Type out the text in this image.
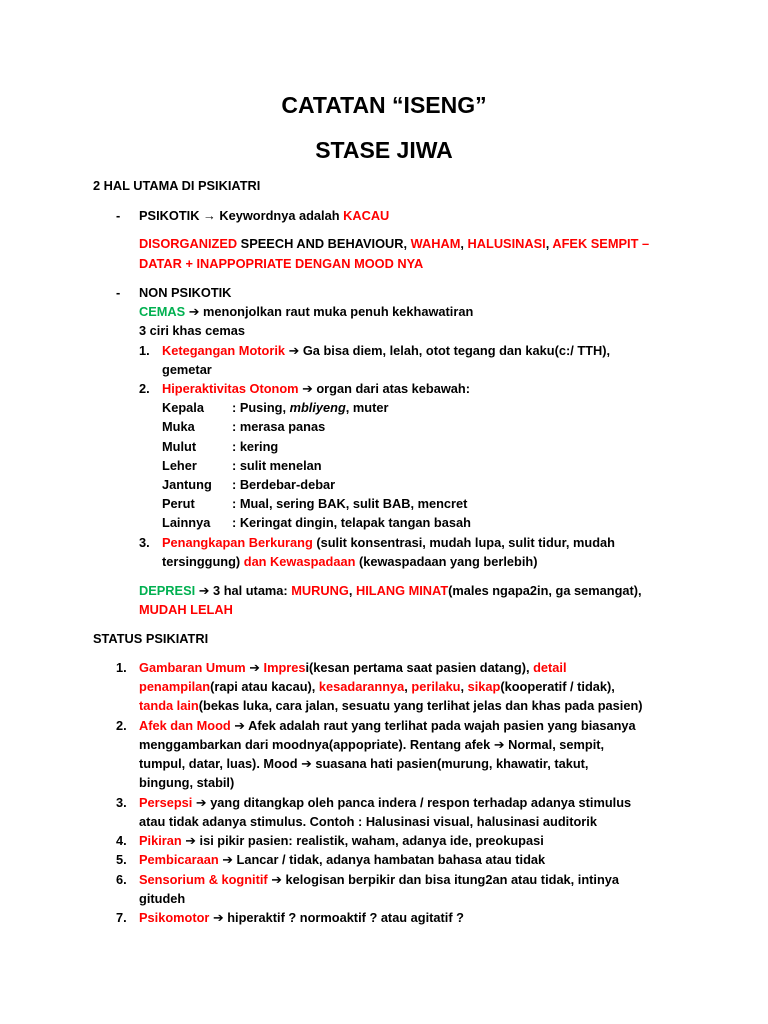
CATATAN “ISENG”
STASE JIWA
2 HAL UTAMA DI PSIKIATRI
- PSIKOTIK → Keywordnya adalah KACAU
DISORGANIZED SPEECH AND BEHAVIOUR, WAHAM, HALUSINASI, AFEK SEMPIT –
DATAR + INAPPOPRIATE DENGAN MOOD NYA
- NON PSIKOTIK
CEMAS ➔ menonjolkan raut muka penuh kekhawatiran
3 ciri khas cemas
1. Ketegangan Motorik ➔ Ga bisa diem, lelah, otot tegang dan kaku(c:/ TTH),
gemetar
2. Hiperaktivitas Otonom ➔ organ dari atas kebawah:
Kepala : Pusing, mbliyeng, muter
Muka	: merasa panas
Mulut	: kering
Leher	: sulit menelan
Jantung : Berdebar-debar
Perut	: Mual, sering BAK, sulit BAB, mencret
Lainnya : Keringat dingin, telapak tangan basah
3. Penangkapan Berkurang (sulit konsentrasi, mudah lupa, sulit tidur, mudah
tersinggung) dan Kewaspadaan (kewaspadaan yang berlebih)
DEPRESI ➔ 3 hal utama: MURUNG, HILANG MINAT(males ngapa2in, ga semangat),
MUDAH LELAH
STATUS PSIKIATRI
1. Gambaran Umum ➔ Impresi(kesan pertama saat pasien datang), detail
penampilan(rapi atau kacau), kesadarannya, perilaku, sikap(kooperatif / tidak),
tanda lain(bekas luka, cara jalan, sesuatu yang terlihat jelas dan khas pada pasien)
2. Afek dan Mood ➔ Afek adalah raut yang terlihat pada wajah pasien yang biasanya
menggambarkan dari moodnya(appopriate). Rentang afek ➔ Normal, sempit,
tumpul, datar, luas). Mood ➔ suasana hati pasien(murung, khawatir, takut,
bingung, stabil)
3. Persepsi ➔ yang ditangkap oleh panca indera / respon terhadap adanya stimulus
atau tidak adanya stimulus. Contoh : Halusinasi visual, halusinasi auditorik
4. Pikiran ➔ isi pikir pasien: realistik, waham, adanya ide, preokupasi
5. Pembicaraan ➔ Lancar / tidak, adanya hambatan bahasa atau tidak
6. Sensorium & kognitif ➔ kelogisan berpikir dan bisa itung2an atau tidak, intinya
gitudeh
7. Psikomotor ➔ hiperaktif ? normoaktif ? atau agitatif ?
